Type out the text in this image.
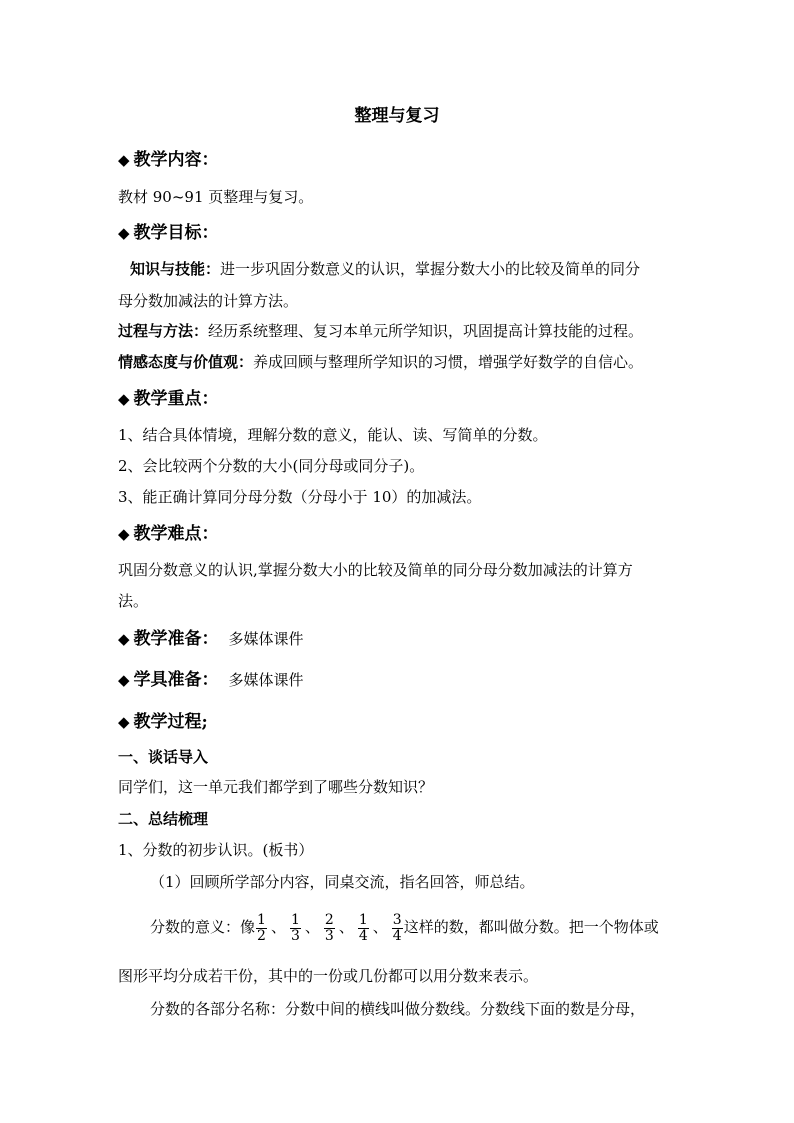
整理与复习
◆ 教学内容：
教材 90~91 页整理与复习。
◆ 教学目标：
知识与技能：进一步巩固分数意义的认识，掌握分数大小的比较及简单的同分
母分数加减法的计算方法。
过程与方法：经历系统整理、复习本单元所学知识，巩固提高计算技能的过程。
情感态度与价值观：养成回顾与整理所学知识的习惯，增强学好数学的自信心。
◆ 教学重点：
1、结合具体情境，理解分数的意义，能认、读、写简单的分数。
2、会比较两个分数的大小(同分母或同分子)。
3、能正确计算同分母分数（分母小于 10）的加减法。
◆ 教学难点：
巩固分数意义的认识,掌握分数大小的比较及简单的同分母分数加减法的计算方
法。
◆ 教学准备： 多媒体课件
◆ 学具准备： 多媒体课件
◆ 教学过程;
一、谈话导入
同学们，这一单元我们都学到了哪些分数知识？
二、总结梳理
1、分数的初步认识。(板书）
（1）回顾所学部分内容，同桌交流，指名回答，师总结。
分数的意义：像 $\frac{1}{2}$ 、 $\frac{1}{3}$ 、 $\frac{2}{3}$ 、 $\frac{1}{4}$ 、 $\frac{3}{4}$ 这样的数，都叫做分数。把一个物体或
图形平均分成若干份，其中的一份或几份都可以用分数来表示。
分数的各部分名称：分数中间的横线叫做分数线。分数线下面的数是分母，
